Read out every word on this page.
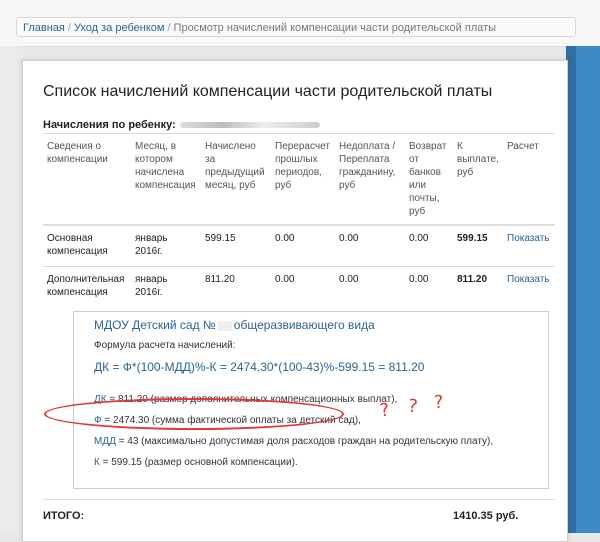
Главная / Уход за ребенком / Просмотр начислений компенсации части родительской платы
Список начислений компенсации части родительской платы
Начисления по ребенку:
Сведения о компенсации	Месяц, в котором начислена компенсация	Начислено за предыдущий месяц, руб	Перерасчет прошлых периодов, руб	Недоплата / Переплата гражданину, руб	Возврат от банков или почты, руб	К выплате, руб	Расчет
Основная компенсация	январь 2016г.	599.15	0.00	0.00	0.00	599.15	Показать
Дополнительная компенсация	январь 2016г.	811.20	0.00	0.00	0.00	811.20	Показать
МДОУ Детский сад № общеразвивающего вида
Формула расчета начислений:
ДК = Ф*(100-МДД)%-К = 2474.30*(100-43)%-599.15 = 811.20
ДК = 811.20 (размер дополнительных компенсационных выплат),
Ф = 2474.30 (сумма фактической оплаты за детский сад),
МДД = 43 (максимально допустимая доля расходов граждан на родительскую плату),
К = 599.15 (размер основной компенсации).
ИТОГО:	1410.35 руб.
? ? ?
